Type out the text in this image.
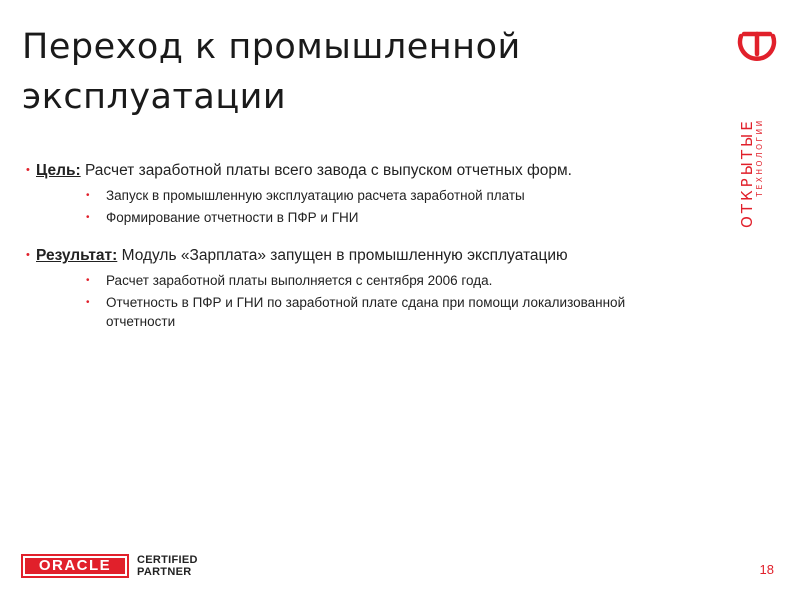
Переход к промышленной
эксплуатации
ОТКРЫТЫЕ ТЕХНОЛОГИИ
• Цель: Расчет заработной платы всего завода с выпуском отчетных форм.
• Запуск в промышленную эксплуатацию расчета заработной платы
• Формирование отчетности в ПФР и ГНИ
• Результат: Модуль «Зарплата» запущен в промышленную эксплуатацию
• Расчет заработной платы выполняется с сентября 2006 года.
• Отчетность в ПФР и ГНИ по заработной плате сдана при помощи локализованной отчетности
ORACLE	CERTIFIED
PARTNER	18
